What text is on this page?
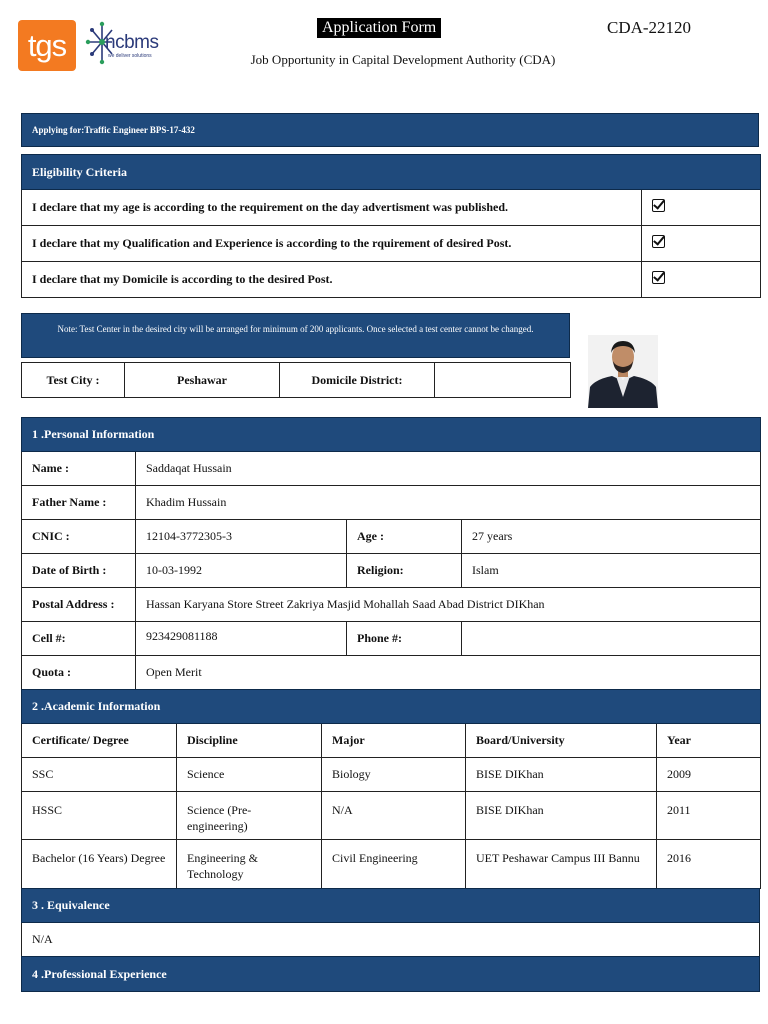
tgs	ncbms
we deliver solutions
Application Form	CDA-22120
Job Opportunity in Capital Development Authority (CDA)
Applying for:Traffic Engineer BPS-17-432
Eligibility Criteria	
I declare that my age is according to the requirement on the day advertisment was published.	
I declare that my Qualification and Experience is according to the rquirement of desired Post.	
I declare that my Domicile is according to the desired Post.	
Note: Test Center in the desired city will be arranged for minimum of 200 applicants. Once selected a test center cannot be changed.
Test City :	Peshawar	Domicile District:	
1 .Personal Information			
Name :	Saddaqat Hussain		
Father Name :	Khadim Hussain		
CNIC :	12104-3772305-3	Age :	27 years
Date of Birth :	10-03-1992	Religion:	Islam
Postal Address :	Hassan Karyana Store Street Zakriya Masjid Mohallah Saad Abad District DIKhan		
Cell #:	923429081188	Phone #:	
Quota :	Open Merit		
2 .Academic Information				
Certificate/ Degree	Discipline	Major	Board/University	Year
SSC	Science	Biology	BISE DIKhan	2009
HSSC	Science (Pre-engineering)	N/A	BISE DIKhan	2011
Bachelor (16 Years) Degree	Engineering & Technology	Civil Engineering	UET Peshawar Campus III Bannu	2016
3 . Equivalence
N/A
4 .Professional Experience
